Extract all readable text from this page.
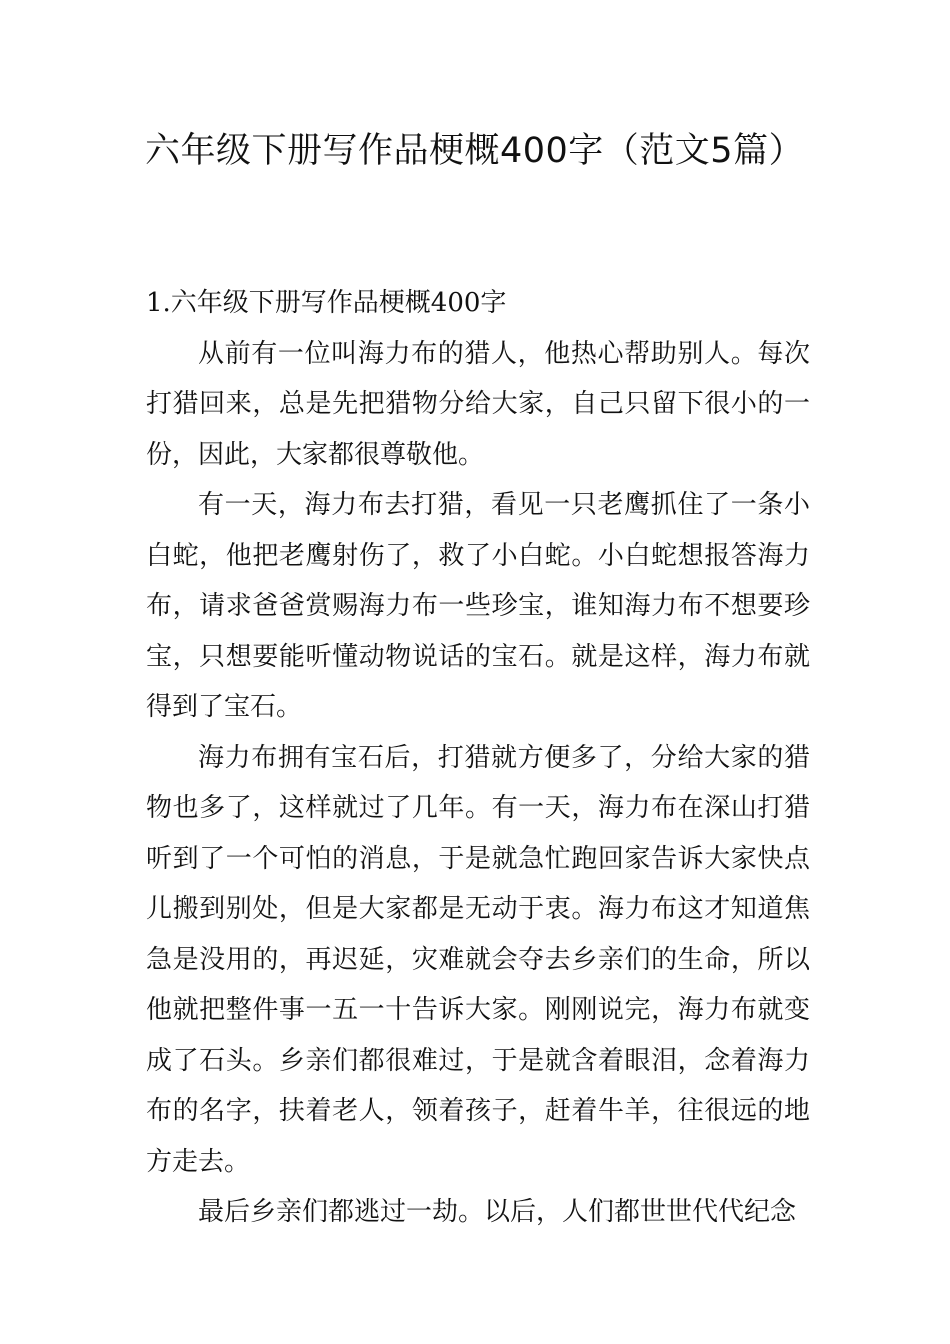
六年级下册写作品梗概400字（范文5篇）
1.六年级下册写作品梗概400字

从前有一位叫海力布的猎人，他热心帮助别人。每次打猎回来，总是先把猎物分给大家，自己只留下很小的一份，因此，大家都很尊敬他。

有一天，海力布去打猎，看见一只老鹰抓住了一条小白蛇，他把老鹰射伤了，救了小白蛇。小白蛇想报答海力布，请求爸爸赏赐海力布一些珍宝，谁知海力布不想要珍宝，只想要能听懂动物说话的宝石。就是这样，海力布就得到了宝石。

海力布拥有宝石后，打猎就方便多了，分给大家的猎物也多了，这样就过了几年。有一天，海力布在深山打猎听到了一个可怕的消息，于是就急忙跑回家告诉大家快点儿搬到别处，但是大家都是无动于衷。海力布这才知道焦急是没用的，再迟延，灾难就会夺去乡亲们的生命，所以他就把整件事一五一十告诉大家。刚刚说完，海力布就变成了石头。乡亲们都很难过，于是就含着眼泪，念着海力布的名字，扶着老人，领着孩子，赶着牛羊，往很远的地方走去。

最后乡亲们都逃过一劫。以后，人们都世世代代纪念
